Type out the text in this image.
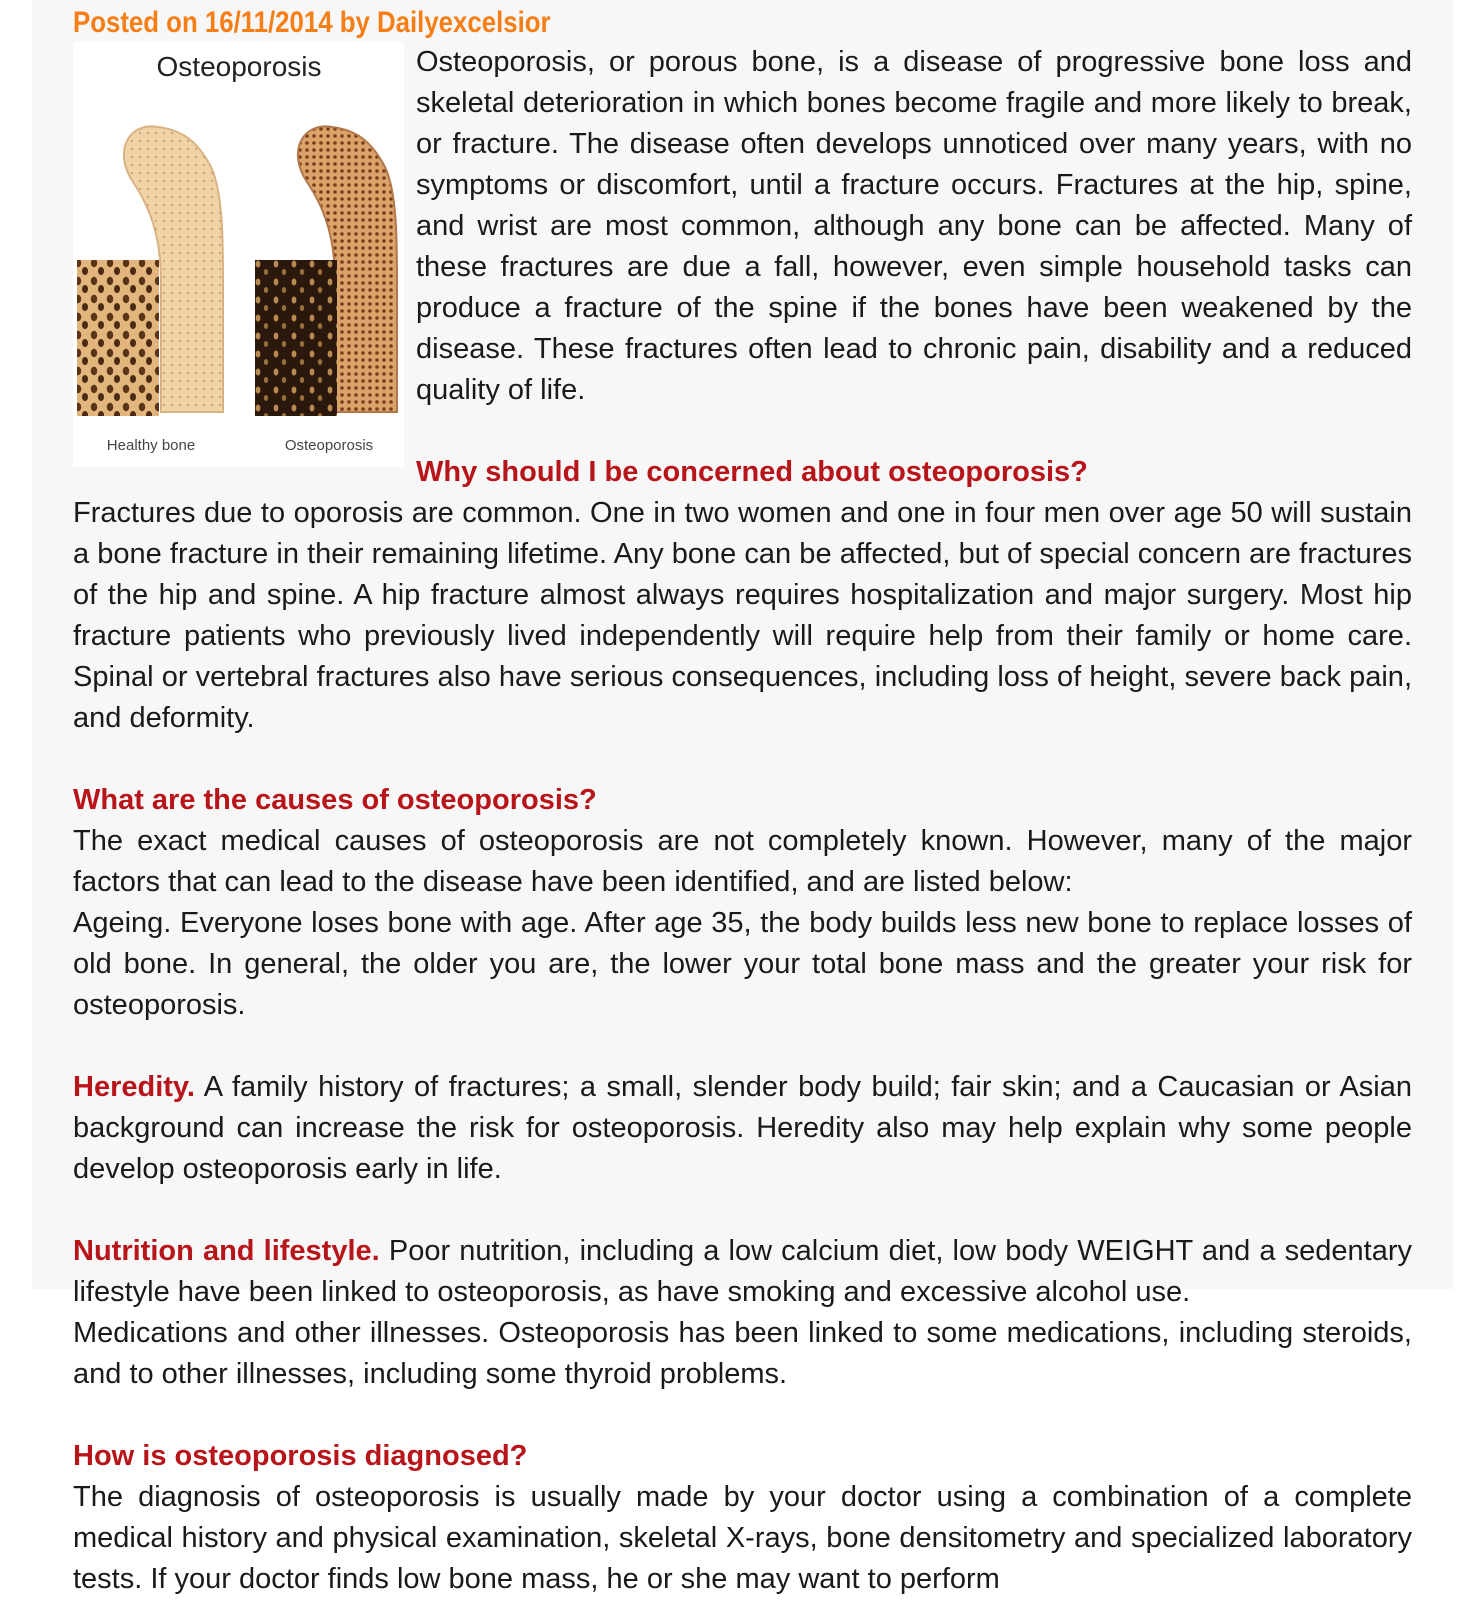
Posted on 16/11/2014 by Dailyexcelsior
Osteoporosis
Healthy bone	Osteoporosis

Osteoporosis, or porous bone, is a disease of progressive bone loss and skeletal deterioration in which bones become fragile and more likely to break, or fracture. The disease often develops unnoticed over many years, with no symptoms or discomfort, until a fracture occurs. Fractures at the hip, spine, and wrist are most common, although any bone can be affected. Many of these fractures are due a fall, however, even simple household tasks can produce a fracture of the spine if the bones have been weakened by the disease. These fractures often lead to chronic pain, disability and a reduced quality of life.

Why should I be concerned about osteoporosis?

Fractures due to oporosis are common. One in two women and one in four men over age 50 will sustain a bone fracture in their remaining lifetime. Any bone can be affected, but of special concern are fractures of the hip and spine. A hip fracture almost always requires hospitalization and major surgery. Most hip fracture patients who previously lived independently will require help from their family or home care. Spinal or vertebral fractures also have serious consequences, including loss of height, severe back pain, and deformity.

What are the causes of osteoporosis?

The exact medical causes of osteoporosis are not completely known. However, many of the major factors that can lead to the disease have been identified, and are listed below:

Ageing. Everyone loses bone with age. After age 35, the body builds less new bone to replace losses of old bone. In general, the older you are, the lower your total bone mass and the greater your risk for osteoporosis.

Heredity. A family history of fractures; a small, slender body build; fair skin; and a Caucasian or Asian background can increase the risk for osteoporosis. Heredity also may help explain why some people develop osteoporosis early in life.

Nutrition and lifestyle. Poor nutrition, including a low calcium diet, low body WEIGHT and a sedentary lifestyle have been linked to osteoporosis, as have smoking and excessive alcohol use.

Medications and other illnesses. Osteoporosis has been linked to some medications, including steroids, and to other illnesses, including some thyroid problems.

How is osteoporosis diagnosed?

The diagnosis of osteoporosis is usually made by your doctor using a combination of a complete medical history and physical examination, skeletal X-rays, bone densitometry and specialized laboratory tests. If your doctor finds low bone mass, he or she may want to perform
